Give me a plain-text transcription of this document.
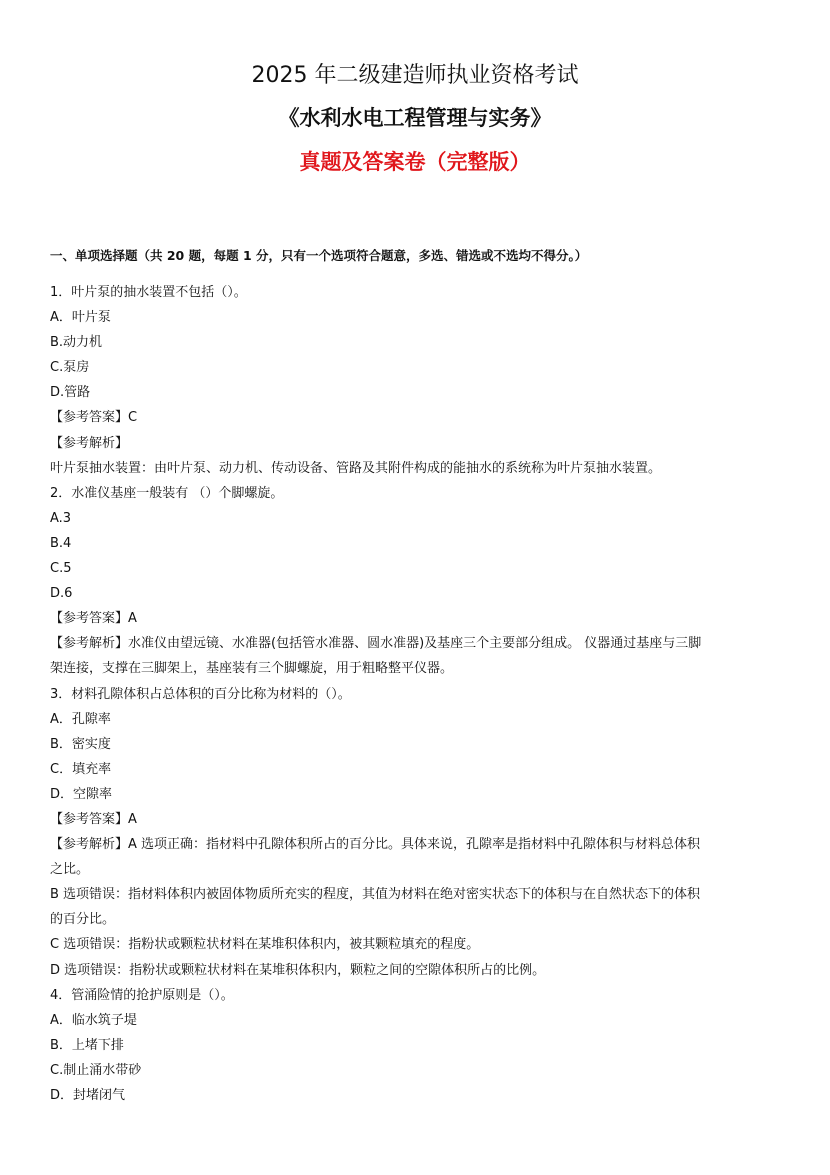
2025 年二级建造师执业资格考试
《水利水电工程管理与实务》
真题及答案卷（完整版）
一、单项选择题（共 20 题，每题 1 分，只有一个选项符合题意，多选、错选或不选均不得分。）
1．叶片泵的抽水装置不包括（）。
A．叶片泵
B.动力机
C.泵房
D.管路
【参考答案】C
【参考解析】
叶片泵抽水装置：由叶片泵、动力机、传动设备、管路及其附件构成的能抽水的系统称为叶片泵抽水装置。
2．水准仪基座一般装有 （）个脚螺旋。
A.3
B.4
C.5
D.6
【参考答案】A
【参考解析】水准仪由望远镜、水准器(包括管水准器、圆水准器)及基座三个主要部分组成。 仪器通过基座与三脚
架连接，支撑在三脚架上，基座装有三个脚螺旋，用于粗略整平仪器。
3．材料孔隙体积占总体积的百分比称为材料的（）。
A．孔隙率
B．密实度
C．填充率
D．空隙率
【参考答案】A
【参考解析】A 选项正确：指材料中孔隙体积所占的百分比。具体来说，孔隙率是指材料中孔隙体积与材料总体积
之比。
B 选项错误：指材料体积内被固体物质所充实的程度，其值为材料在绝对密实状态下的体积与在自然状态下的体积
的百分比。
C 选项错误：指粉状或颗粒状材料在某堆积体积内，被其颗粒填充的程度。
D 选项错误：指粉状或颗粒状材料在某堆积体积内，颗粒之间的空隙体积所占的比例。
4．管涌险情的抢护原则是（）。
A．临水筑子堤
B．上堵下排
C.制止涌水带砂
D．封堵闭气
